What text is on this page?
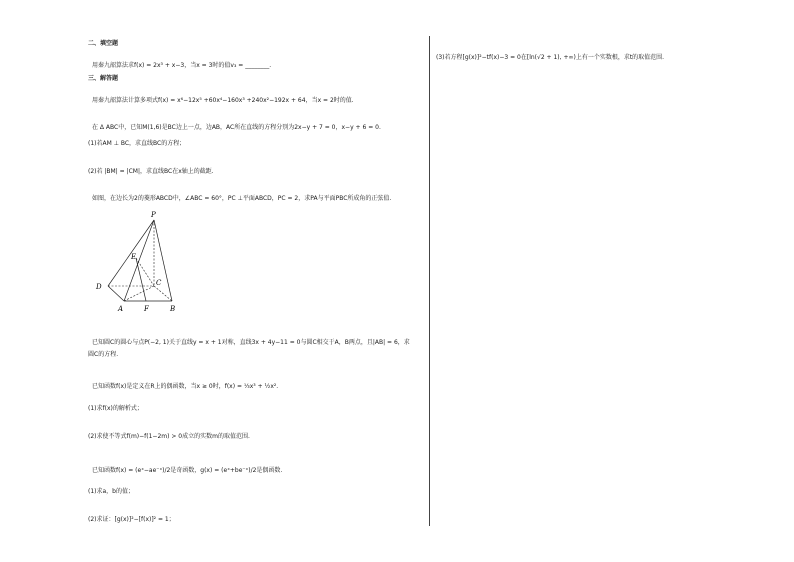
二、填空题
用秦九韶算法求f(x) = 2x³ + x−3，当x = 3时的值v₃ = ________.
三、解答题
用秦九韶算法计算多项式f(x) = x⁶−12x⁵ +60x⁴−160x³ +240x²−192x + 64，当x = 2时的值.
在 Δ ABC中，已知M(1,6)是BC边上一点，边AB，AC所在直线的方程分别为2x−y + 7 = 0，x−y + 6 = 0.
(1)若AM ⊥ BC，求直线BC的方程；
(2)若 |BM| = |CM|，求直线BC在x轴上的截距.
如图，在边长为2的菱形ABCD中，∠ABC = 60°，PC ⊥平面ABCD，PC = 2，求PA与平面PBC所成角的正弦值.
P
E
D	C
A	F	B
已知圆C的圆心与点P(−2, 1)关于直线y = x + 1对称，直线3x + 4y−11 = 0与圆C相交于A，B两点，且|AB| = 6，求
圆C的方程.
已知函数f(x)是定义在R上的偶函数，当x ≥ 0时，f(x) = ⅓x³ + ½x².
(1)求f(x)的解析式；
(2)求使不等式f(m)−f(1−2m) > 0成立的实数m的取值范围.
已知函数f(x) = (eˣ−ae⁻ˣ)/2是奇函数，g(x) = (eˣ+be⁻ˣ)/2是偶函数.
(1)求a，b的值；
(2)求证：[g(x)]²−[f(x)]² = 1；
(3)若方程[g(x)]²−tf(x)−3 = 0在[ln(√2 + 1), +∞)上有一个实数根，求t的取值范围.
